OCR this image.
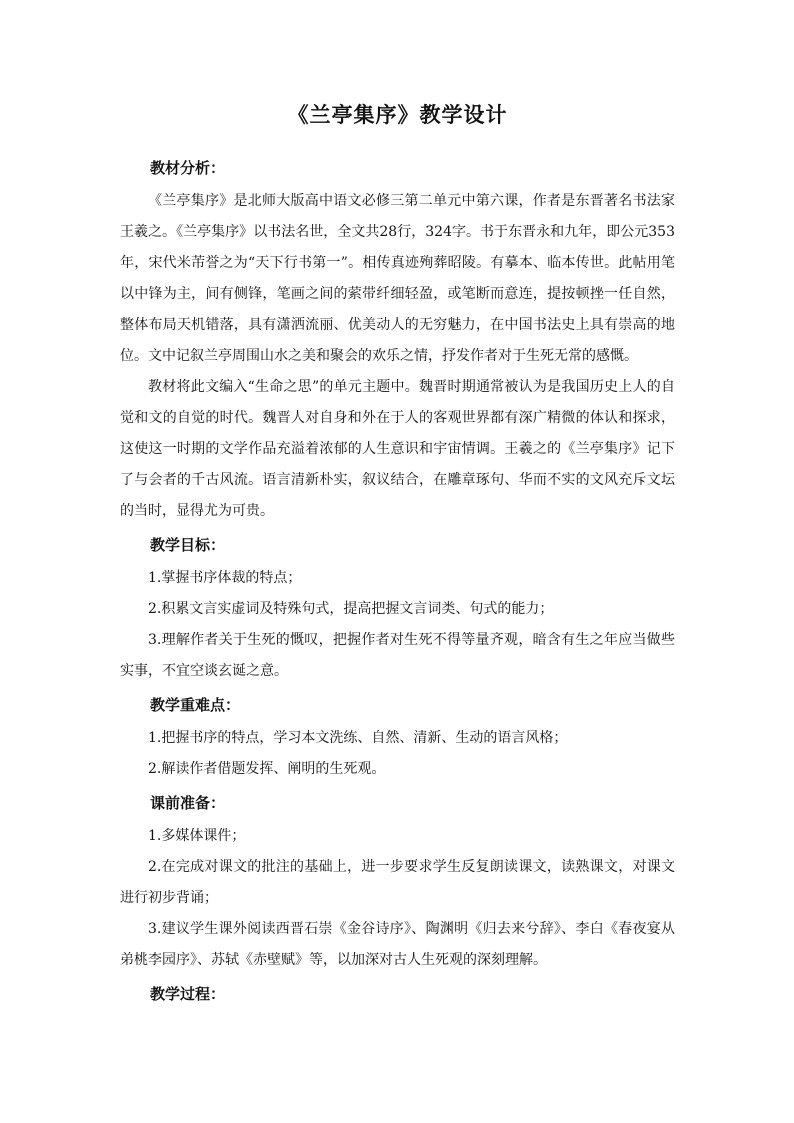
《兰亭集序》教学设计
教材分析：

《兰亭集序》是北师大版高中语文必修三第二单元中第六课，作者是东晋著名书法家王羲之。《兰亭集序》以书法名世，全文共28行，324字。书于东晋永和九年，即公元353年，宋代米芾誉之为“天下行书第一”。相传真迹殉葬昭陵。有摹本、临本传世。此帖用笔以中锋为主，间有侧锋，笔画之间的萦带纤细轻盈，或笔断而意连，提按顿挫一任自然，整体布局天机错落，具有潇洒流丽、优美动人的无穷魅力，在中国书法史上具有崇高的地位。文中记叙兰亭周围山水之美和聚会的欢乐之情，抒发作者对于生死无常的感慨。

教材将此文编入“生命之思”的单元主题中。魏晋时期通常被认为是我国历史上人的自觉和文的自觉的时代。魏晋人对自身和外在于人的客观世界都有深广精微的体认和探求，这使这一时期的文学作品充溢着浓郁的人生意识和宇宙情调。王羲之的《兰亭集序》记下了与会者的千古风流。语言清新朴实，叙议结合，在雕章琢句、华而不实的文风充斥文坛的当时，显得尤为可贵。

教学目标：

1.掌握书序体裁的特点；

2.积累文言实虚词及特殊句式，提高把握文言词类、句式的能力；

3.理解作者关于生死的慨叹，把握作者对生死不得等量齐观，暗含有生之年应当做些实事，不宜空谈玄诞之意。

教学重难点：

1.把握书序的特点，学习本文洗练、自然、清新、生动的语言风格；

2.解读作者借题发挥、阐明的生死观。

课前准备：

1.多媒体课件；

2.在完成对课文的批注的基础上，进一步要求学生反复朗读课文，读熟课文，对课文进行初步背诵；

3.建议学生课外阅读西晋石崇《金谷诗序》、陶渊明《归去来兮辞》、李白《春夜宴从弟桃李园序》、苏轼《赤壁赋》等，以加深对古人生死观的深刻理解。

教学过程：
